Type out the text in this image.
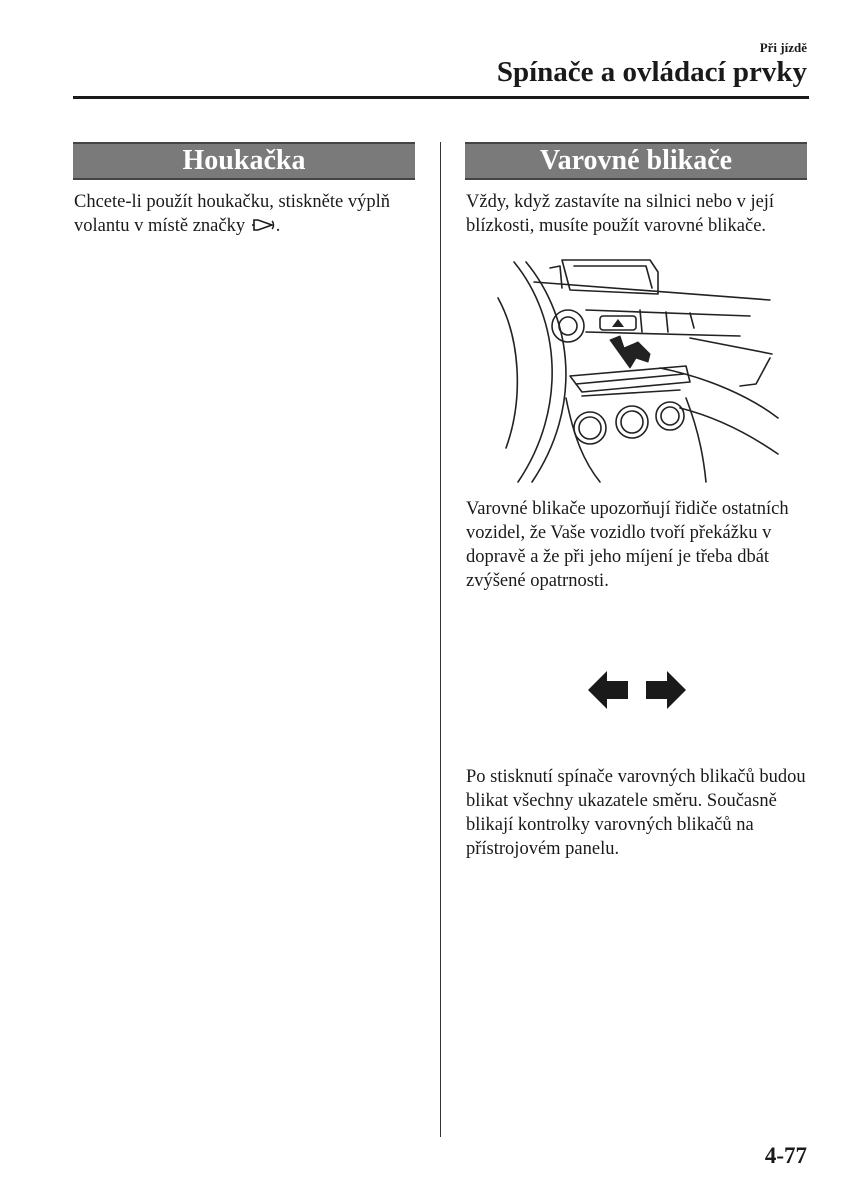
Při jízdě
Spínače a ovládací prvky
Houkačka

Chcete-li použít houkačku, stiskněte výplň volantu v místě značky .

Varovné blikače

Vždy, když zastavíte na silnici nebo v její blízkosti, musíte použít varovné blikače.

Varovné blikače upozorňují řidiče ostatních vozidel, že Vaše vozidlo tvoří překážku v dopravě a že při jeho míjení je třeba dbát zvýšené opatrnosti.

Po stisknutí spínače varovných blikačů budou blikat všechny ukazatele směru. Současně blikají kontrolky varovných blikačů na přístrojovém panelu.

4-77
